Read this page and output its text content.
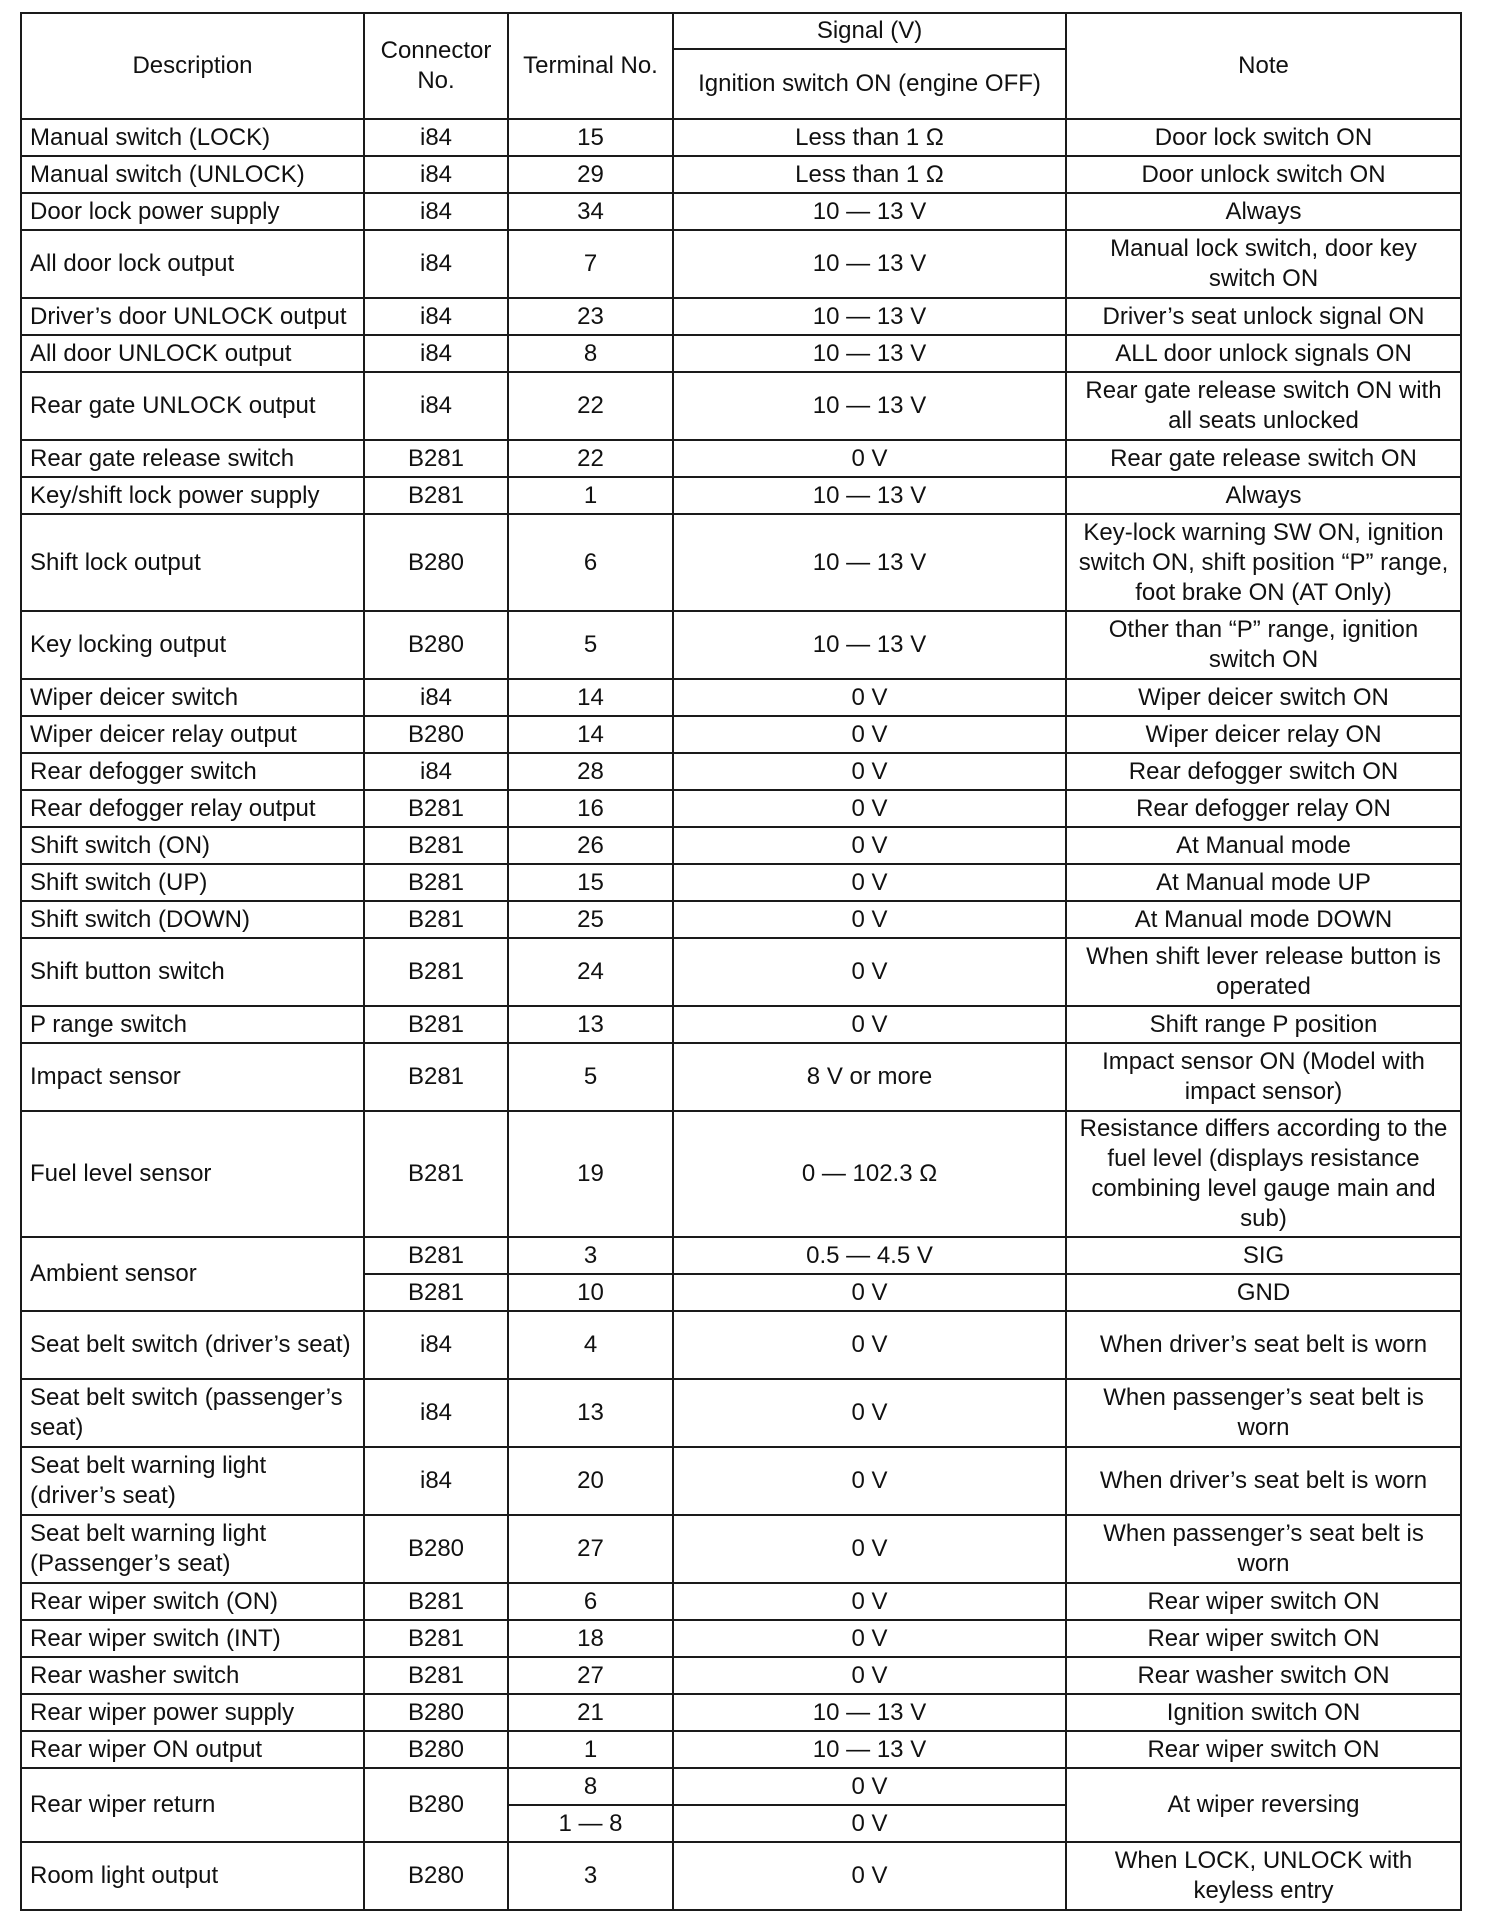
Description	Connector No.	Terminal No.	Signal (V)	Note
			Ignition switch ON (engine OFF)	
Manual switch (LOCK)	i84	15	Less than 1 Ω	Door lock switch ON
Manual switch (UNLOCK)	i84	29	Less than 1 Ω	Door unlock switch ON
Door lock power supply	i84	34	10 — 13 V	Always
All door lock output	i84	7	10 — 13 V	Manual lock switch, door key switch ON
Driver’s door UNLOCK output	i84	23	10 — 13 V	Driver’s seat unlock signal ON
All door UNLOCK output	i84	8	10 — 13 V	ALL door unlock signals ON
Rear gate UNLOCK output	i84	22	10 — 13 V	Rear gate release switch ON with all seats unlocked
Rear gate release switch	B281	22	0 V	Rear gate release switch ON
Key/shift lock power supply	B281	1	10 — 13 V	Always
Shift lock output	B280	6	10 — 13 V	Key-lock warning SW ON, ignition switch ON, shift position “P” range, foot brake ON (AT Only)
Key locking output	B280	5	10 — 13 V	Other than “P” range, ignition switch ON
Wiper deicer switch	i84	14	0 V	Wiper deicer switch ON
Wiper deicer relay output	B280	14	0 V	Wiper deicer relay ON
Rear defogger switch	i84	28	0 V	Rear defogger switch ON
Rear defogger relay output	B281	16	0 V	Rear defogger relay ON
Shift switch (ON)	B281	26	0 V	At Manual mode
Shift switch (UP)	B281	15	0 V	At Manual mode UP
Shift switch (DOWN)	B281	25	0 V	At Manual mode DOWN
Shift button switch	B281	24	0 V	When shift lever release button is operated
P range switch	B281	13	0 V	Shift range P position
Impact sensor	B281	5	8 V or more	Impact sensor ON (Model with impact sensor)
Fuel level sensor	B281	19	0 — 102.3 Ω	Resistance differs according to the fuel level (displays resistance combining level gauge main and sub)
Ambient sensor	B281	3	0.5 — 4.5 V	SIG
	B281	10	0 V	GND
Seat belt switch (driver’s seat)	i84	4	0 V	When driver’s seat belt is worn
Seat belt switch (passenger’s seat)	i84	13	0 V	When passenger’s seat belt is worn
Seat belt warning light (driver’s seat)	i84	20	0 V	When driver’s seat belt is worn
Seat belt warning light (Passenger’s seat)	B280	27	0 V	When passenger’s seat belt is worn
Rear wiper switch (ON)	B281	6	0 V	Rear wiper switch ON
Rear wiper switch (INT)	B281	18	0 V	Rear wiper switch ON
Rear washer switch	B281	27	0 V	Rear washer switch ON
Rear wiper power supply	B280	21	10 — 13 V	Ignition switch ON
Rear wiper ON output	B280	1	10 — 13 V	Rear wiper switch ON
Rear wiper return	B280	8	0 V	At wiper reversing
		1 — 8	0 V	
Room light output	B280	3	0 V	When LOCK, UNLOCK with keyless entry
